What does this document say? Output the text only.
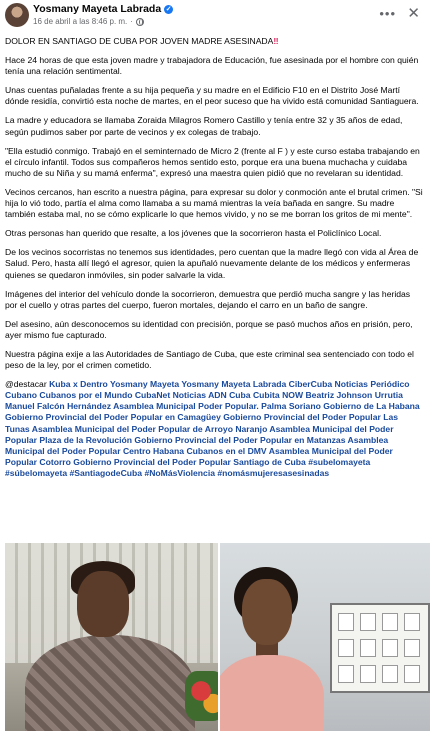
Yosmany Mayeta Labrada ✓
16 de abril a las 8:46 p. m. ·
••• ✕

DOLOR EN SANTIAGO DE CUBA POR JOVEN MADRE ASESINADA‼

Hace 24 horas de que esta joven madre y trabajadora de Educación, fue asesinada por el hombre con quién tenía una relación sentimental.

Unas cuentas puñaladas frente a su hija pequeña y su madre en el Edificio F10 en el Distrito José Martí dónde residía, convirtió esta noche de martes, en el peor suceso que ha vivido está comunidad Santiaguera.

La madre y educadora se llamaba Zoraida Milagros Romero Castillo y tenía entre 32 y 35 años de edad, según pudimos saber por parte de vecinos y ex colegas de trabajo.

"Ella estudió conmigo. Trabajó en el seminternado de Micro 2 (frente al F ) y este curso estaba trabajando en el círculo infantil. Todos sus compañeros hemos sentido esto, porque era una buena muchacha y cuidaba mucho de su Niña y su mamá enferma", expresó una maestra quien pidió que no revelaran su identidad.

Vecinos cercanos, han escrito a nuestra página, para expresar su dolor y conmoción ante el brutal crimen. "Si hija lo vió todo, partía el alma como llamaba a su mamá mientras la veía bañada en sangre. Su madre también estaba mal, no se cómo explicarle lo que hemos vivido, y no se me borran los gritos de mi mente".

Otras personas han querido que resalte, a los jóvenes que la socorrieron hasta el Policlínico Local.

De los vecinos socorristas no tenemos sus identidades, pero cuentan que la madre llegó con vida al Área de Salud. Pero, hasta allí llegó el agresor, quien la apuñaló nuevamente delante de los médicos y enfermeras quienes se quedaron inmóviles, sin poder salvarle la vida.

Imágenes del interior del vehículo donde la socorrieron, demuestra que perdió mucha sangre y las heridas por el cuello y otras partes del cuerpo, fueron mortales, dejando el carro en un baño de sangre.

Del asesino, aún desconocemos su identidad con precisión, porque se pasó muchos años en prisión, pero, ayer mismo fue capturado.

Nuestra página exije a las Autoridades de Santiago de Cuba, que este criminal sea sentenciado con todo el peso de la ley, por el crimen cometido.

@destacar Kuba x Dentro Yosmany Mayeta Yosmany Mayeta Labrada CiberCuba Noticias Periódico Cubano Cubanos por el Mundo CubaNet Noticias ADN Cuba Cubita NOW Beatriz Johnson Urrutia Manuel Falcón Hernández Asamblea Municipal Poder Popular. Palma Soriano Gobierno de La Habana Gobierno Provincial del Poder Popular en Camagüey Gobierno Provincial del Poder Popular Las Tunas Asamblea Municipal del Poder Popular de Arroyo Naranjo Asamblea Municipal del Poder Popular Plaza de la Revolución Gobierno Provincial del Poder Popular en Matanzas Asamblea Municipal del Poder Popular Centro Habana Cubanos en el DMV Asamblea Municipal del Poder Popular Cotorro Gobierno Provincial del Poder Popular Santiago de Cuba #subelomayeta #súbelomayeta #SantiagodeCuba #NoMásViolencia #nomásmujeresasesinadas
